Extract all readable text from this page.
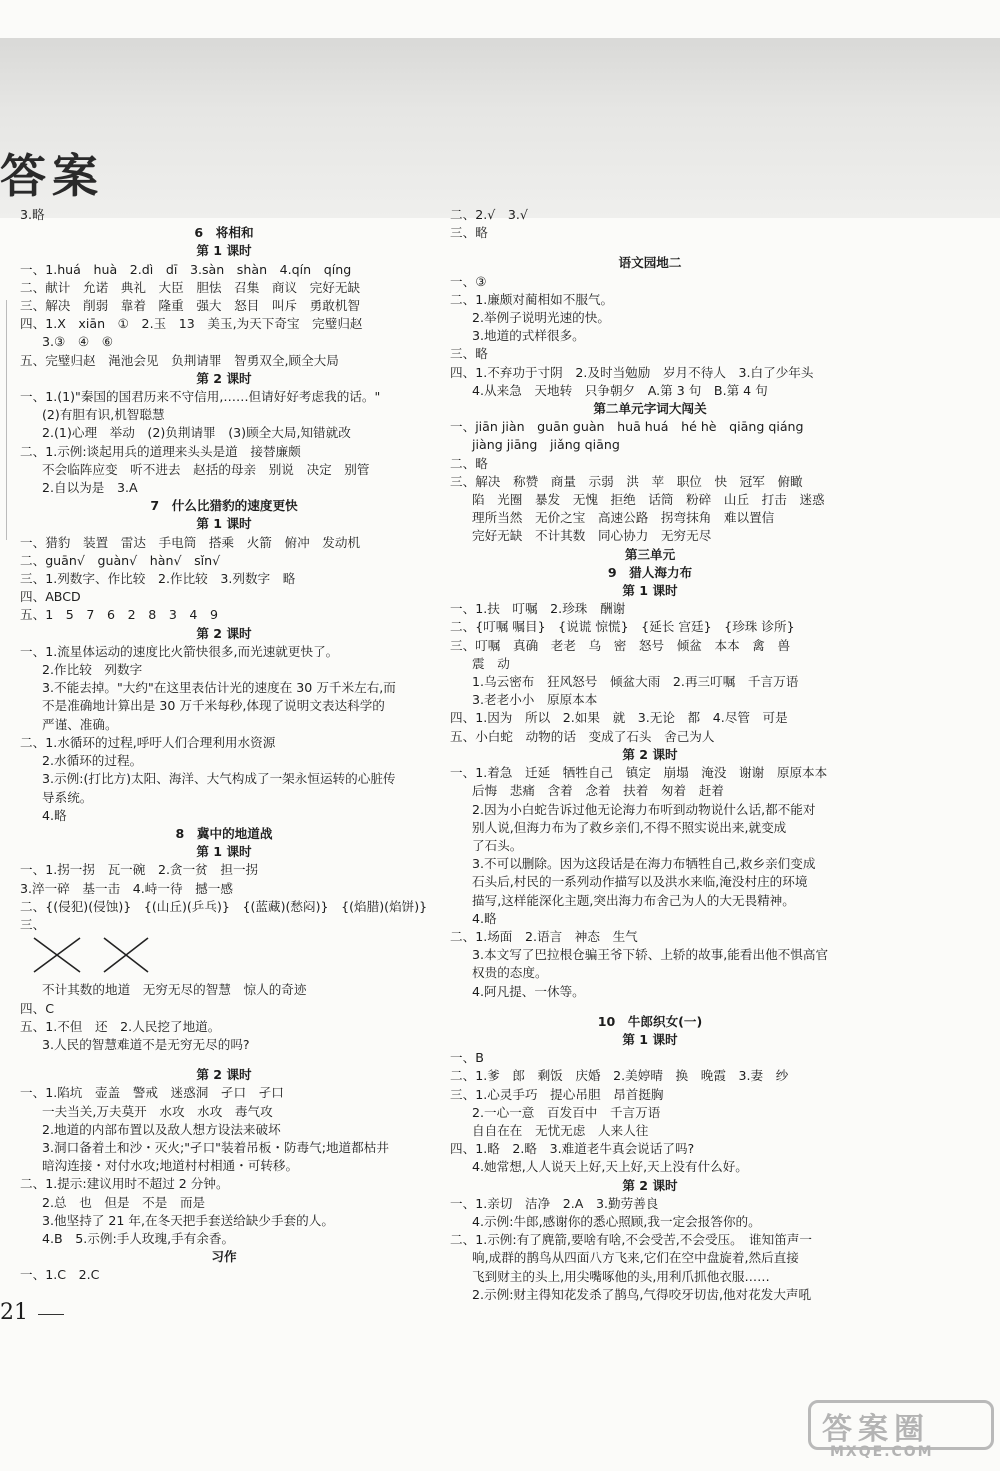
答案
3.略
6　将相和
第 1 课时
一、1.huá　huà　2.dì　dī　3.sàn　shàn　4.qín　qíng
二、献计　允诺　典礼　大臣　胆怯　召集　商议　完好无缺
三、解决　削弱　靠着　隆重　强大　怒目　叫斥　勇敢机智
四、1.X　xiān　①　2.玉　13　美玉,为天下奇宝　完璧归赵
3.③　④　⑥
五、完璧归赵　渑池会见　负荆请罪　智勇双全,顾全大局
第 2 课时
一、1.(1)"秦国的国君历来不守信用,……但请好好考虑我的话。"
(2)有胆有识,机智聪慧
2.(1)心理　举动　(2)负荆请罪　(3)顾全大局,知错就改
二、1.示例:谈起用兵的道理来头头是道　接替廉颇
不会临阵应变　听不进去　赵括的母亲　别说　决定　别管
2.自以为是　3.A
7　什么比猎豹的速度更快
第 1 课时
一、猎豹　装置　雷达　手电筒　搭乘　火箭　俯冲　发动机
二、guān√　guàn√　hàn√　sǐn√
三、1.列数字、作比较　2.作比较　3.列数字　略
四、ABCD
五、1　5　7　6　2　8　3　4　9
第 2 课时
一、1.流星体运动的速度比火箭快很多,而光速就更快了。
2.作比较　列数字
3.不能去掉。"大约"在这里表估计光的速度在 30 万千米左右,而
不是准确地计算出是 30 万千米每秒,体现了说明文表达科学的
严谨、准确。
二、1.水循环的过程,呼吁人们合理利用水资源
2.水循环的过程。
3.示例:(打比方)太阳、海洋、大气构成了一架永恒运转的心脏传
导系统。
4.略
8　冀中的地道战
第 1 课时
一、1.拐一拐　瓦一碗　2.贪一贫　担一拐
3.淬一碎　基一击　4.峙一待　撼一感
二、{(侵犯)(侵蚀)}　{(山丘)(乒乓)}　{(蓝藏)(愁闷)}　{(焰腊)(焰饼)}
三、
不计其数的地道　无穷无尽的智慧　惊人的奇迹
四、C
五、1.不但　还　2.人民挖了地道。
3.人民的智慧难道不是无穷无尽的吗?
第 2 课时
一、1.陷坑　壶盖　警戒　迷惑洞　孑口　孑口
一夫当关,万夫莫开　水攻　水攻　毒气攻
2.地道的内部布置以及敌人想方设法来破坏
3.洞口备着土和沙・灭火;"孑口"装着吊板・防毒气;地道都枯井
暗沟连接・对付水攻;地道村村相通・可转移。
二、1.提示:建议用时不超过 2 分钟。
2.总　也　但是　不是　而是
3.他坚持了 21 年,在冬天把手套送给缺少手套的人。
4.B　5.示例:手人玫瑰,手有余香。
习作
一、1.C　2.C
二、2.√　3.√
三、略
语文园地二
一、③
二、1.廉颇对蔺相如不服气。
2.举例子说明光速的快。
3.地道的式样很多。
三、略
四、1.不弃功于寸阴　2.及时当勉励　岁月不待人　3.白了少年头
4.从来急　天地转　只争朝夕　A.第 3 句　B.第 4 句
第二单元字词大闯关
一、jiān jiàn　guān guàn　huā huá　hé hè　qiāng qiáng
jiàng jiāng　jiǎng qiāng
二、略
三、解决　称赞　商量　示弱　洪　苹　职位　快　冠军　俯瞰
陷　光圈　暴发　无愧　拒绝　话筒　粉碎　山丘　打击　迷惑
理所当然　无价之宝　高速公路　拐弯抹角　难以置信
完好无缺　不计其数　同心协力　无穷无尽
第三单元
9　猎人海力布
第 1 课时
一、1.扶　叮嘱　2.珍珠　酬谢
二、{叮嘱 嘱目}　{说谎 惊慌}　{延长 宫廷}　{珍珠 诊所}
三、叮嘱　真确　老老　乌　密　怒号　倾盆　本本　禽　兽
震　动
1.乌云密布　狂风怒号　倾盆大雨　2.再三叮嘱　千言万语
3.老老小小　原原本本
四、1.因为　所以　2.如果　就　3.无论　都　4.尽管　可是
五、小白蛇　动物的话　变成了石头　舍己为人
第 2 课时
一、1.着急　迁延　牺牲自己　镇定　崩塌　淹没　谢谢　原原本本
后悔　悲痛　含着　念着　扶着　匆着　赶着
2.因为小白蛇告诉过他无论海力布听到动物说什么话,都不能对
别人说,但海力布为了救乡亲们,不得不照实说出来,就变成
了石头。
3.不可以删除。因为这段话是在海力布牺牲自己,救乡亲们变成
石头后,村民的一系列动作描写以及洪水来临,淹没村庄的环境
描写,这样能深化主题,突出海力布舍己为人的大无畏精神。
4.略
二、1.场面　2.语言　神态　生气
3.本文写了巴拉根仓骗王爷下轿、上轿的故事,能看出他不惧高官
权贵的态度。
4.阿凡提、一休等。
10　牛郎织女(一)
第 1 课时
一、B
二、1.爹　郎　剩饭　庆婚　2.美婷晴　换　晚霞　3.妻　纱
三、1.心灵手巧　提心吊胆　昂首挺胸
2.一心一意　百发百中　千言万语
自自在在　无忧无虑　人来人往
四、1.略　2.略　3.难道老牛真会说话了吗?
4.她常想,人人说天上好,天上好,天上没有什么好。
第 2 课时
一、1.亲切　洁净　2.A　3.勤劳善良
4.示例:牛郎,感谢你的悉心照顾,我一定会报答你的。
二、1.示例:有了麂箭,要啥有啥,不会受苦,不会受压。　谁知笛声一
响,成群的鹊鸟从四面八方飞来,它们在空中盘旋着,然后直接
飞到财主的头上,用尖嘴啄他的头,用利爪抓他衣服……
2.示例:财主得知花发杀了鹊鸟,气得咬牙切齿,他对花发大声吼
21
答案圈
MXQE.COM
